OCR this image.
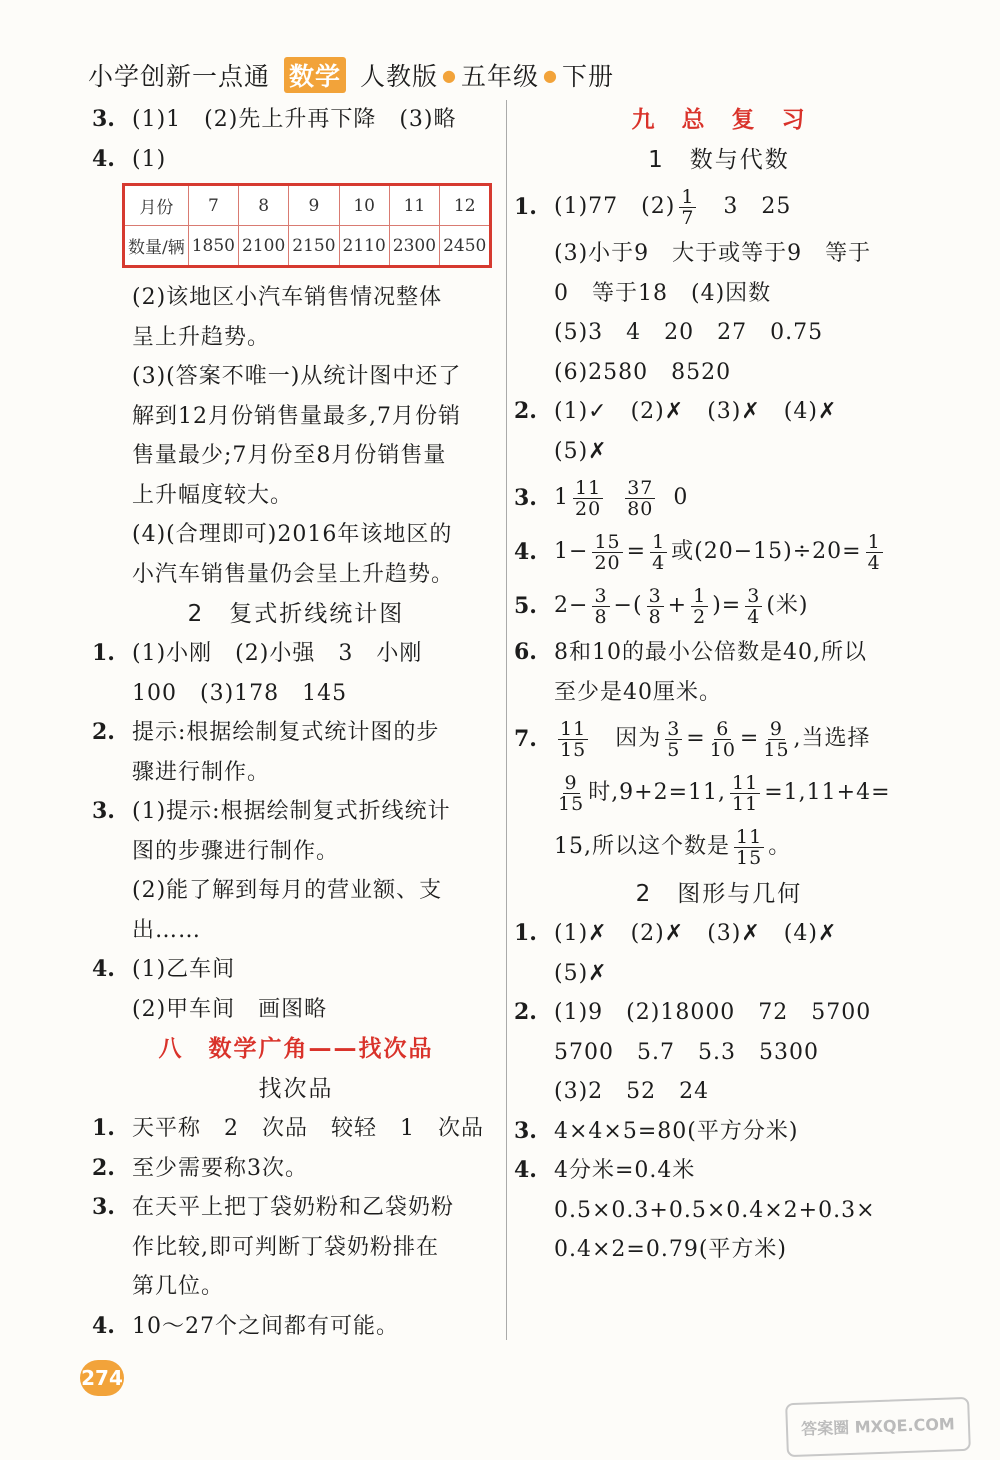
小学创新一点通 数学 人教版 ● 五年级 ● 下册
3. (1)1　(2)先上升再下降　(3)略
4. (1)
月份	7	8	9	10	11	12
数量/辆	1850	2100	2150	2110	2300	2450
(2)该地区小汽车销售情况整体
呈上升趋势。
(3)(答案不唯一)从统计图中还了
解到12月份销售量最多,7月份销
售量最少;7月份至8月份销售量
上升幅度较大。
(4)(合理即可)2016年该地区的
小汽车销售量仍会呈上升趋势。
2　复式折线统计图
1. (1)小刚　(2)小强　3　小刚
100　(3)178　145
2. 提示:根据绘制复式统计图的步
骤进行制作。
3. (1)提示:根据绘制复式折线统计
图的步骤进行制作。
(2)能了解到每月的营业额、支
出……
4. (1)乙车间
(2)甲车间　画图略
八　数学广角——找次品
找次品
1. 天平称　2　次品　较轻　1　次品
2. 至少需要称3次。
3. 在天平上把丁袋奶粉和乙袋奶粉
作比较,即可判断丁袋奶粉排在
第几位。
4. 10～27个之间都有可能。
九　总　复　习
1　数与代数
1. (1)77　$(2) \frac{1}{7}$ 　3　25
(3)小于9　大于或等于9　等于
0　等于18　(4)因数
(5)3　4　20　27　0.75
(6)2580　8520
2. (1)✓　(2)✗　(3)✗　(4)✗
(5)✗
3. $1 \frac{11}{20} \frac{37}{80} 0$
4. $1- \frac{15}{20} = \frac{1}{4}$ 或$(20-15)\div 20= \frac{1}{4}$
5. $2- \frac{3}{8}$ −( $\frac{3}{8} + \frac{1}{2}$ )= $\frac{3}{4}$ (米)
6. 8和10的最小公倍数是40,所以
至少是40厘米。
7.	$\frac{11}{15}$ 　因为 $\frac{3}{5} = \frac{6}{10} = \frac{9}{15}$ ,当选择
$\frac{9}{15}$ 时,9+2=11, $\frac{11}{11} =1,11+4=$
15,所以这个数是 $\frac{11}{15}$ 。
2　图形与几何
1. (1)✗　(2)✗　(3)✗　(4)✗
(5)✗
2. (1)9　(2)18000　72　5700
5700　5.7　5.3　5300
(3)2　52　24
3. 4×4×5=80(平方分米)
4. 4分米=0.4米
0.5×0.3+0.5×0.4×2+0.3×
0.4×2=0.79(平方米)
274
答案圈 MXQE.COM
